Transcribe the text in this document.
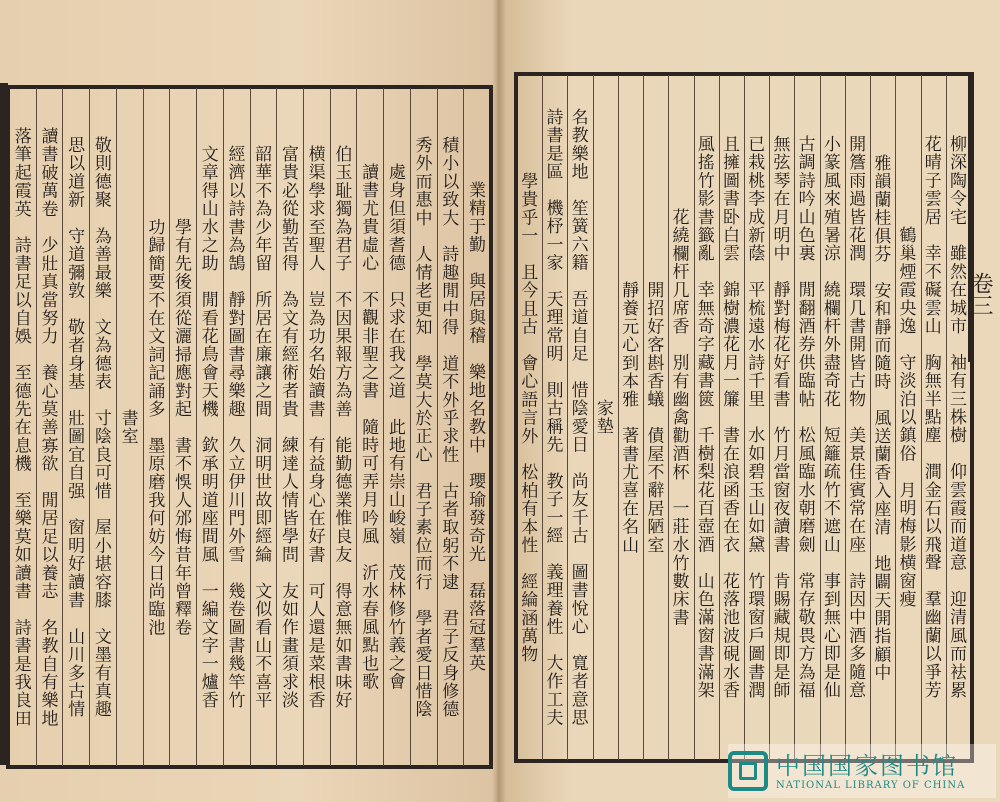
業精于勤　與居與稽　樂地名教中　瓔瑜發奇光　磊落冠羣英
積小以致大　詩趣閒中得　道不外乎求性　古者取躬不逮　君子反身修德
秀外而惠中　人情老更知　學莫大於正心　君子素位而行　學者愛日惜陰
處身但須耆德　只求在我之道　此地有崇山峻嶺　茂林修竹義之會
讀書尤貴虛心　不觀非聖之書　隨時可弄月吟風　沂水春風點也歌
伯玉耻獨為君子　不因果報方為善　能勤德業惟良友　得意無如書味好
横渠學求至聖人　豈為功名始讀書　有益身心在好書　可人還是菜根香
富貴必從勤苦得　為文有經術者貴　練達人情皆學問　友如作畫須求淡
韶華不為少年留　所居在廉讓之間　洞明世故即經綸　文似看山不喜平
經濟以詩書為鵠　靜對圖書尋樂趣　久立伊川門外雪　幾卷圖書幾竿竹
文章得山水之助　閒看花鳥會天機　欽承明道座間風　一編文字一爐香
學有先後須從灑掃應對起　書不悞人邠悔昔年曾釋卷
功歸簡要不在文詞記誦多　墨原磨我何妨今日尚臨池
書室
敬則德聚　為善最樂　文為德表　寸陰良可惜　屋小堪容膝　文墨有真趣
思以道新　守道彌敦　敬者身基　壯圖宜自强　窗明好讀書　山川多古情
讀書破萬卷　少壯真當努力　養心莫善寡欲　閒居足以養志　名教自有樂地
落筆起霞英　詩書足以自娛　至德先在息機　至樂莫如讀書　詩書是我良田	柳深陶令宅　雖然在城市　袖有三株樹　仰雲霞而道意　迎清風而袪累
花晴子雲居　幸不礙雲山　胸無半點塵　澗金石以飛聲　羣幽蘭以爭芳
鶴巢煙霞央逸　守淡泊以鎮俗　月明梅影横窗瘦
雅韻蘭桂俱芬　安和靜而隨時　風送蘭香入座清　地闢天開指顧中
開簷雨過皆花潤　環几書開皆古物　美景佳賓常在座　詩因中酒多隨意
小篆風來殖暑涼　繞欄杆外盡奇花　短籬疏竹不遮山　事到無心即是仙
古調詩吟山色裏　閒翻酒券供臨帖　松風臨水朝磨劍　常存敬畏方為福
無弦琴在月明中　靜對梅花好看書　竹月當窗夜讀書　肯賜藏規即是師
已栽桃李成新蔭　平梳遠水詩千里　水如碧玉山如黛　竹環窗戶圖書潤
且擁圖書卧白雲　錦樹濃花月一簾　書在浪函香在衣　花落池波硯水香
風搖竹影書籤亂　幸無奇字藏書篋　千樹梨花百壺酒　山色滿窗書滿架
花繞欄杆几席香　別有幽禽勸酒杯　一莊水竹數床書
開招好客斟香蟻　債屋不辭居陋室
靜養元心到本雅　著書尤喜在名山
家墊
名教樂地　笙簧六籍　吾道自足　惜陰愛日　尚友千古　圖書悅心　寬者意思
詩書是區　機杼一家　天理常明　則古稱先　教子一經　義理養性　大作工夫
學貴乎一　且今且古　會心語言外　松柏有本性　經綸涵萬物	卷三
中国国家图书馆
NATIONAL LIBRARY OF CHINA
